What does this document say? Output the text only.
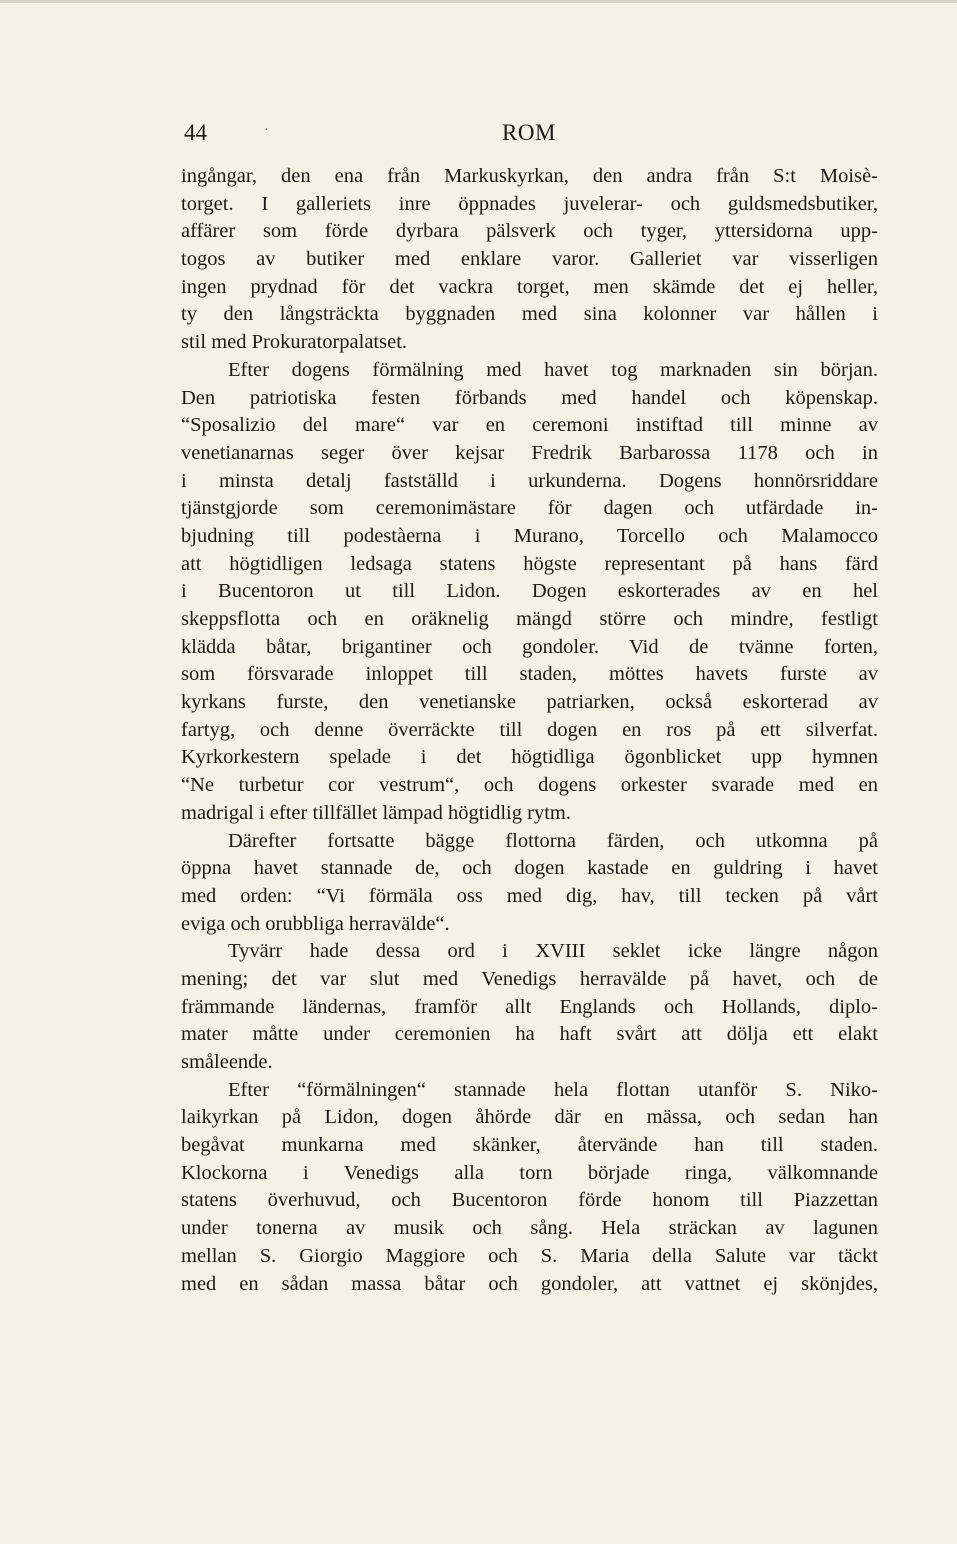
44	·	ROM
ingångar, den ena från Markuskyrkan, den andra från S:t Moisè-
torget. I galleriets inre öppnades juvelerar- och guldsmedsbutiker,
affärer som förde dyrbara pälsverk och tyger, yttersidorna upp-
togos av butiker med enklare varor. Galleriet var visserligen
ingen prydnad för det vackra torget, men skämde det ej heller,
ty den långsträckta byggnaden med sina kolonner var hållen i
stil med Prokuratorpalatset.
Efter dogens förmälning med havet tog marknaden sin början.
Den patriotiska festen förbands med handel och köpenskap.
“Sposalizio del mare“ var en ceremoni instiftad till minne av
venetianarnas seger över kejsar Fredrik Barbarossa 1178 och in
i minsta detalj fastställd i urkunderna. Dogens honnörsriddare
tjänstgjorde som ceremonimästare för dagen och utfärdade in-
bjudning till podestàerna i Murano, Torcello och Malamocco
att högtidligen ledsaga statens högste representant på hans färd
i Bucentoron ut till Lidon. Dogen eskorterades av en hel
skeppsflotta och en oräknelig mängd större och mindre, festligt
klädda båtar, brigantiner och gondoler. Vid de tvänne forten,
som försvarade inloppet till staden, möttes havets furste av
kyrkans furste, den venetianske patriarken, också eskorterad av
fartyg, och denne överräckte till dogen en ros på ett silverfat.
Kyrkorkestern spelade i det högtidliga ögonblicket upp hymnen
“Ne turbetur cor vestrum“, och dogens orkester svarade med en
madrigal i efter tillfället lämpad högtidlig rytm.
Därefter fortsatte bägge flottorna färden, och utkomna på
öppna havet stannade de, och dogen kastade en guldring i havet
med orden: “Vi förmäla oss med dig, hav, till tecken på vårt
eviga och orubbliga herravälde“.
Tyvärr hade dessa ord i XVIII seklet icke längre någon
mening; det var slut med Venedigs herravälde på havet, och de
främmande ländernas, framför allt Englands och Hollands, diplo-
mater måtte under ceremonien ha haft svårt att dölja ett elakt
småleende.
Efter “förmälningen“ stannade hela flottan utanför S. Niko-
laikyrkan på Lidon, dogen åhörde där en mässa, och sedan han
begåvat munkarna med skänker, återvände han till staden.
Klockorna i Venedigs alla torn började ringa, välkomnande
statens överhuvud, och Bucentoron förde honom till Piazzettan
under tonerna av musik och sång. Hela sträckan av lagunen
mellan S. Giorgio Maggiore och S. Maria della Salute var täckt
med en sådan massa båtar och gondoler, att vattnet ej skönjdes,
